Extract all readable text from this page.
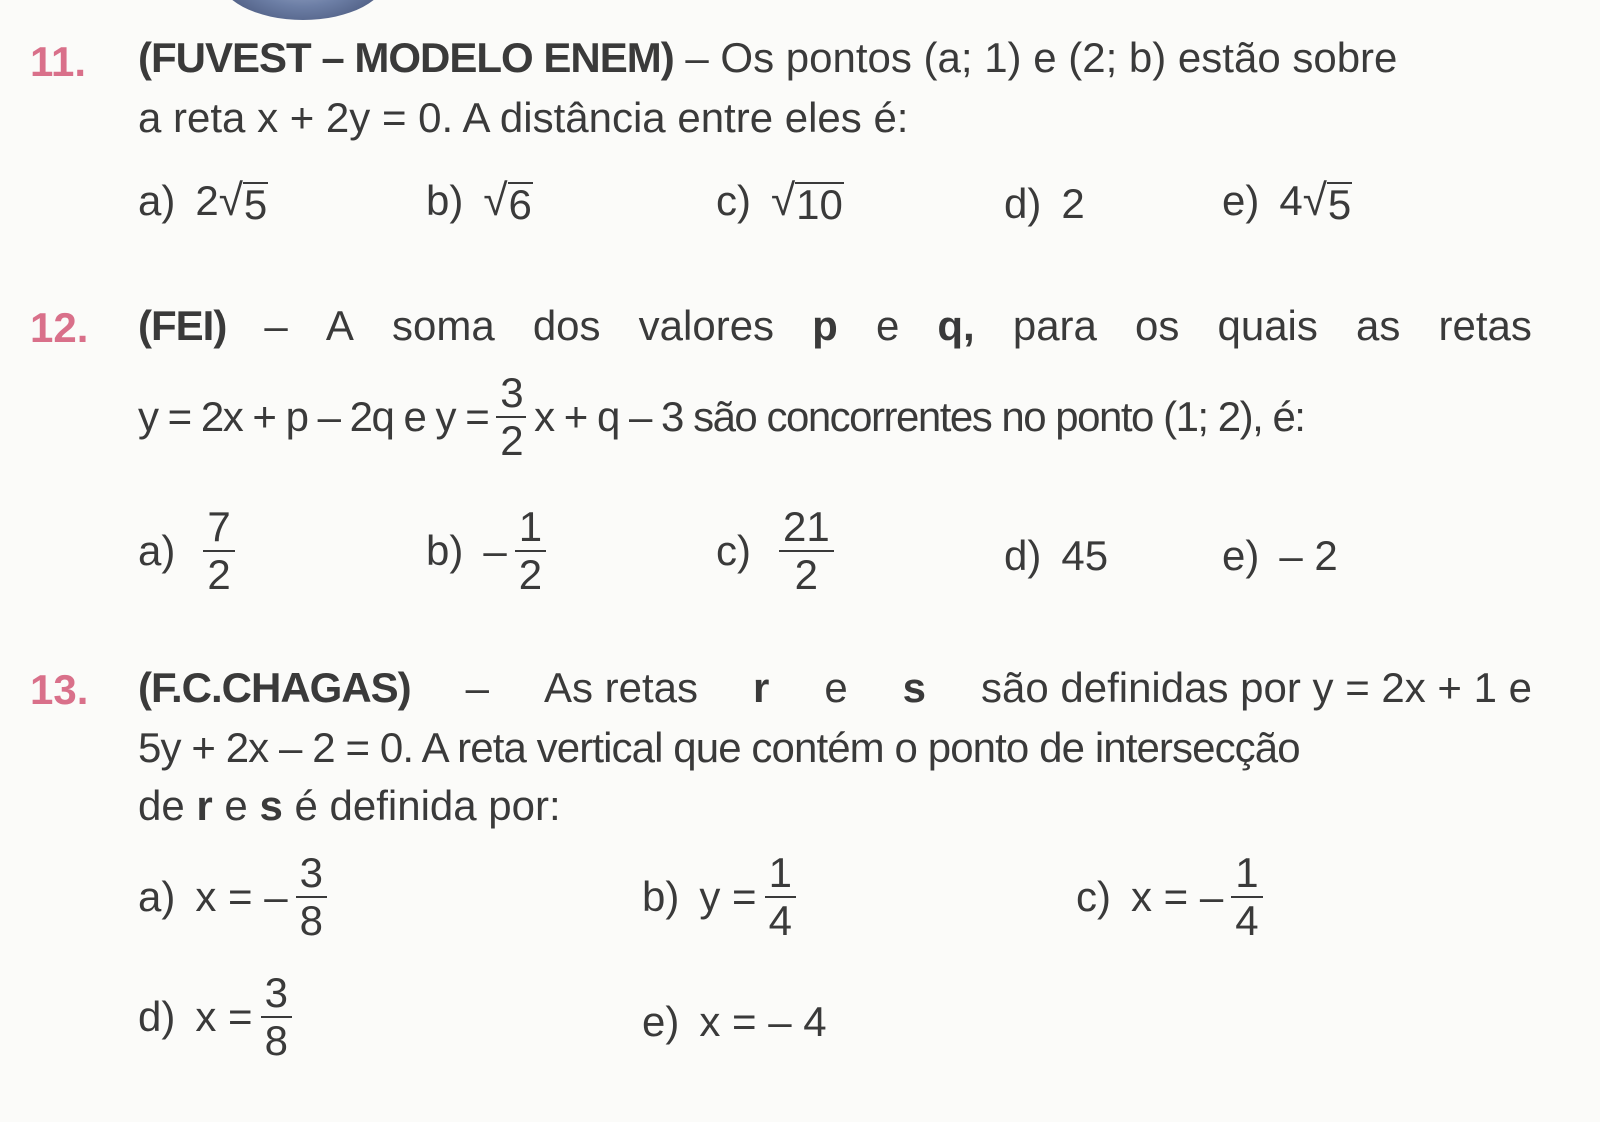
11. (FUVEST – MODELO ENEM) – Os pontos (a; 1) e (2; b) estão sobre
a reta x + 2y = 0. A distância entre eles é:
a) 2 √ 5	b) √ 6	c) √ 10	d) 2	e) 4 √ 5
12. (FEI) – A soma dos valores p e q, para os quais as retas
y = 2x + p – 2q e $y = \frac{3}{2}$ x + q – 3 são concorrentes no ponto (1; 2), é:
$a) \frac{7}{2}$	$b) - \frac{1}{2}$	$c) \frac{21}{2}$	d) 45	e) – 2
13. (F.C.CHAGAS) – As retas r e s são definidas por y = 2x + 1 e
5y + 2x – 2 = 0. A reta vertical que contém o ponto de intersecção
de r e s é definida por:
a) x = – $\frac{3}{8}$	b) $y = \frac{1}{4}$	c) x = – $\frac{1}{4}$
d) $x = \frac{3}{8}$	e) x = – 4
